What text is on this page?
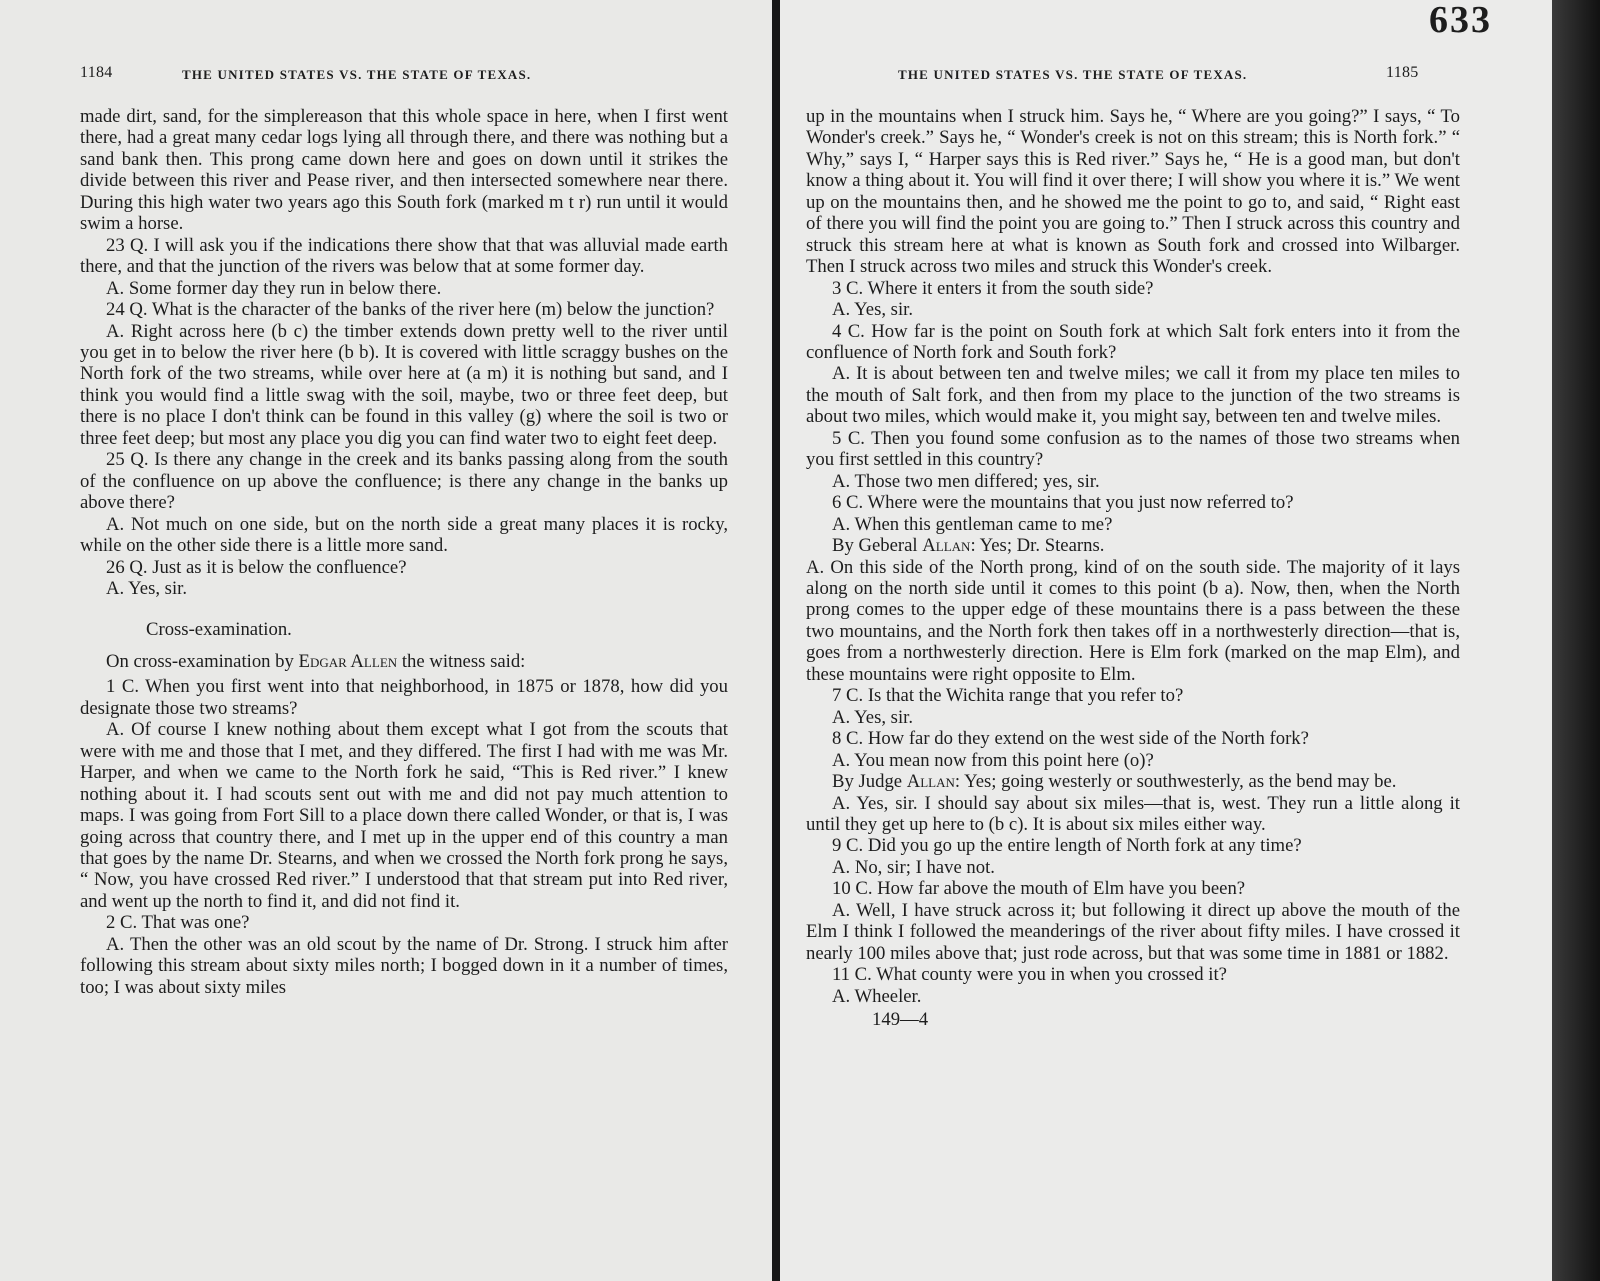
1184	THE UNITED STATES VS. THE STATE OF TEXAS.

made dirt, sand, for the simplereason that this whole space in here, when I first went there, had a great many cedar logs lying all through there, and there was nothing but a sand bank then. This prong came down here and goes on down until it strikes the divide between this river and Pease river, and then intersected somewhere near there. During this high water two years ago this South fork (marked m t r) run until it would swim a horse.

23 Q. I will ask you if the indications there show that that was alluvial made earth there, and that the junction of the rivers was below that at some former day.

A. Some former day they run in below there.

24 Q. What is the character of the banks of the river here (m) below the junction?

A. Right across here (b c) the timber extends down pretty well to the river until you get in to below the river here (b b). It is covered with little scraggy bushes on the North fork of the two streams, while over here at (a m) it is nothing but sand, and I think you would find a little swag with the soil, maybe, two or three feet deep, but there is no place I don't think can be found in this valley (g) where the soil is two or three feet deep; but most any place you dig you can find water two to eight feet deep.

25 Q. Is there any change in the creek and its banks passing along from the south of the confluence on up above the confluence; is there any change in the banks up above there?

A. Not much on one side, but on the north side a great many places it is rocky, while on the other side there is a little more sand.

26 Q. Just as it is below the confluence?

A. Yes, sir.

Cross-examination.

On cross-examination by Edgar Allen the witness said:

1 C. When you first went into that neighborhood, in 1875 or 1878, how did you designate those two streams?

A. Of course I knew nothing about them except what I got from the scouts that were with me and those that I met, and they differed. The first I had with me was Mr. Harper, and when we came to the North fork he said, “This is Red river.” I knew nothing about it. I had scouts sent out with me and did not pay much attention to maps. I was going from Fort Sill to a place down there called Wonder, or that is, I was going across that country there, and I met up in the upper end of this country a man that goes by the name Dr. Stearns, and when we crossed the North fork prong he says, “ Now, you have crossed Red river.” I understood that that stream put into Red river, and went up the north to find it, and did not find it.

2 C. That was one?

A. Then the other was an old scout by the name of Dr. Strong. I struck him after following this stream about sixty miles north; I bogged down in it a number of times, too; I was about sixty miles

633
THE UNITED STATES VS. THE STATE OF TEXAS.	1185

up in the mountains when I struck him. Says he, “ Where are you going?” I says, “ To Wonder's creek.” Says he, “ Wonder's creek is not on this stream; this is North fork.” “ Why,” says I, “ Harper says this is Red river.” Says he, “ He is a good man, but don't know a thing about it. You will find it over there; I will show you where it is.” We went up on the mountains then, and he showed me the point to go to, and said, “ Right east of there you will find the point you are going to.” Then I struck across this country and struck this stream here at what is known as South fork and crossed into Wilbarger. Then I struck across two miles and struck this Wonder's creek.

3 C. Where it enters it from the south side?

A. Yes, sir.

4 C. How far is the point on South fork at which Salt fork enters into it from the confluence of North fork and South fork?

A. It is about between ten and twelve miles; we call it from my place ten miles to the mouth of Salt fork, and then from my place to the junction of the two streams is about two miles, which would make it, you might say, between ten and twelve miles.

5 C. Then you found some confusion as to the names of those two streams when you first settled in this country?

A. Those two men differed; yes, sir.

6 C. Where were the mountains that you just now referred to?

A. When this gentleman came to me?

By Geberal Allan: Yes; Dr. Stearns.

A. On this side of the North prong, kind of on the south side. The majority of it lays along on the north side until it comes to this point (b a). Now, then, when the North prong comes to the upper edge of these mountains there is a pass between the these two mountains, and the North fork then takes off in a northwesterly direction—that is, goes from a northwesterly direction. Here is Elm fork (marked on the map Elm), and these mountains were right opposite to Elm.

7 C. Is that the Wichita range that you refer to?

A. Yes, sir.

8 C. How far do they extend on the west side of the North fork?

A. You mean now from this point here (o)?

By Judge Allan: Yes; going westerly or southwesterly, as the bend may be.

A. Yes, sir. I should say about six miles—that is, west. They run a little along it until they get up here to (b c). It is about six miles either way.

9 C. Did you go up the entire length of North fork at any time?

A. No, sir; I have not.

10 C. How far above the mouth of Elm have you been?

A. Well, I have struck across it; but following it direct up above the mouth of the Elm I think I followed the meanderings of the river about fifty miles. I have crossed it nearly 100 miles above that; just rode across, but that was some time in 1881 or 1882.

11 C. What county were you in when you crossed it?

A. Wheeler.

149—4
